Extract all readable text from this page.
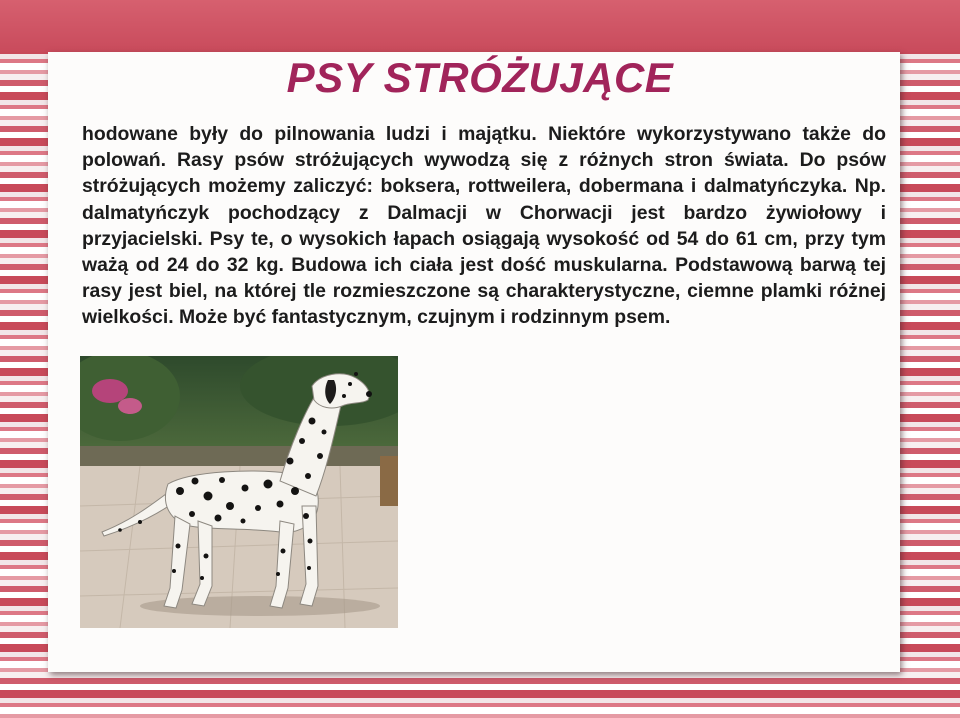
PSY STRÓŻUJĄCE

hodowane były do pilnowania ludzi i majątku. Niektóre wykorzystywano także do polowań. Rasy psów stróżujących wywodzą się z różnych stron świata. Do psów stróżujących możemy zaliczyć: boksera, rottweilera, dobermana i dalmatyńczyka. Np. dalmatyńczyk pochodzący z Dalmacji w Chorwacji jest bardzo żywiołowy i przyjacielski. Psy te, o wysokich łapach osiągają wysokość od 54 do 61 cm, przy tym ważą od 24 do 32 kg. Budowa ich ciała jest dość muskularna. Podstawową barwą tej rasy jest biel, na której tle rozmieszczone są charakterystyczne, ciemne plamki różnej wielkości. Może być fantastycznym, czujnym i rodzinnym psem.
